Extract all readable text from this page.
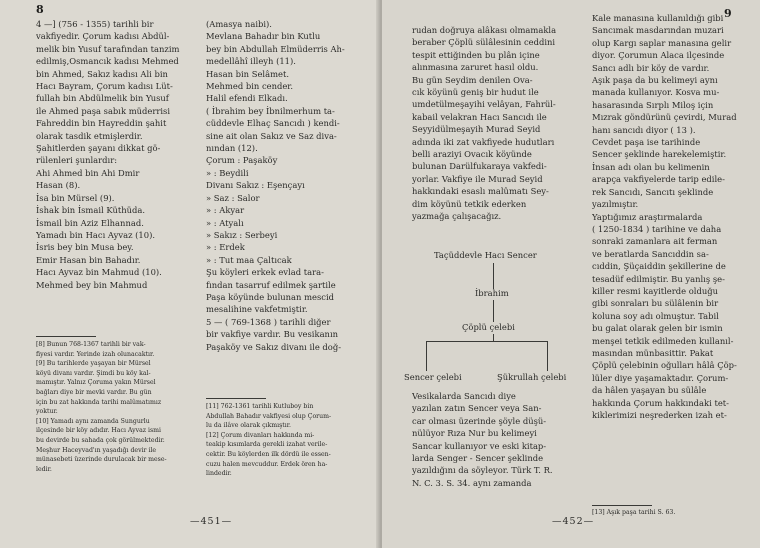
8
4 —] (756 - 1355) tarihli bir
vakfiyedir. Çorum kadısı Abdül-
melik bin Yusuf tarafından tanzim
edilmiş,Osmancık kadısı Mehmed
bin Ahmed, Sakız kadısı Ali bin
Hacı Bayram, Çorum kadısı Lüt-
fullah bin Abdülmelik bin Yusuf
ile Ahmed paşa sabık müderrisi
Fahreddin bin Hayreddin şahit
olarak tasdik etmişlerdir.
Şahitlerden şayanı dikkat gö-
rülenleri şunlardır:
Ahi Ahmed bin Ahi Dmir
Hasan (8).
İsa bin Mürsel (9).
İshak bin İsmail Küthüda.
İsmail bin Aziz Elhannad.
Yamadı bin Hacı Ayvaz (10).
İsris bey bin Musa bey.
Emir Hasan bin Bahadır.
Hacı Ayvaz bin Mahmud (10).
Mehmed bey bin Mahmud
[8] Bunun 768-1367 tarihli bir vak-
fiyesi vardır. Yerinde izah olunacaktır.
[9] Bu tarihlerde yaşayan bir Mürsel
köyü divanı vardır. Şimdi bu köy kal-
mamıştır. Yalnız Çoruma yakın Mürsel
bağları diye bir mevki vardır. Bu gün
için bu zat hakkında tarihi malûmatımız
yoktur.
[10] Yamadı aynı zamanda Sungurlu
ilçesinde bir köy adıdır. Hacı Ayvaz ismi
bu devirde bu sahada çok görülmektedir.
Meşhur Haceyvad'ın yaşadığı devir ile
münasebeti üzerinde durulacak bir mese-
ledir.
(Amasya naibi).
Mevlana Bahadır bin Kutlu
bey bin Abdullah Elmüderris Ah-
medellâhî illeyh (11).
Hasan bin Selâmet.
Mehmed bin cender.
Halil efendi Elkadı.
( İbrahim bey İbnilmerhum ta-
cüddevle Elhaç Sancıdı ) kendi-
sine ait olan Sakız ve Saz diva-
nından (12).
Çorum : Paşaköy
» : Beydili
Divanı Sakız : Eşençayı
» Saz : Salor
» : Akyar
» : Atyalı
» Sakız : Serbeyi
» : Erdek
» : Tut maa Çaltıcak
Şu köyleri erkek evlad tara-
fından tasarruf edilmek şartile
Paşa köyünde bulunan mescid
mesalihine vakfetmiştir.
5 — ( 769-1368 ) tarihli diğer
bir vakfiye vardır. Bu vesikanın
Paşaköy ve Sakız divanı ile doğ-
[11] 762-1361 tarihli Kutluboy bin
Abdullah Bahadır vakfiyesi olup Çorum-
lu da ilâve olarak çıkmıştır.
[12] Çorum divanları hakkında mi-
teakip kısımlarda gerekli izahat verile-
cektir. Bu köylerden ilk dördü ile essen-
cuzu halen mevcuddur. Erdek ören ha-
lindedir.
—451—
9
rudan doğruya alâkası olmamakla
beraber Çöplü sülâlesinin ceddini
tespit ettiğinden bu plân içine
alınmasına zaruret hasıl oldu.
Bu gün Seydim denilen Ova-
cık köyünü geniş bir hudut ile
umdetülmeşayihi velâyan, Fahrül-
kabail velakran Hacı Sancıdı ile
Seyyidülmeşayih Murad Seyid
adında iki zat vakfiyede hudutları
belli araziyi Ovacık köyünde
bulunan Darülfukaraya vakfedi-
yorlar. Vakfiye ile Murad Seyid
hakkındaki esaslı malûmatı Sey-
dim köyünü tetkik ederken
yazmağa çalışacağız.
Taçüddevle Hacı Sencer
İbrahim
Çöplü çelebi
Sencer çelebi	Şükrullah çelebi
Vesikalarda Sancıdı diye
yazılan zatın Sencer veya San-
car olması üzerinde şöyle düşü-
nülüyor Rıza Nur bu kelimeyi
Sancar kullanıyor ve eski kitap-
larda Senger - Sencer şeklinde
yazıldığını da söyleyor. Türk T. R.
N. C. 3. S. 34. aynı zamanda
Kale manasına kullanıldığı gibi
Sancımak masdarından muzari
olup Kargı saplar manasına gelir
diyor. Çorumun Alaca ilçesinde
Sancı adlı bir köy de vardır.
Aşık paşa da bu kelimeyi aynı
manada kullanıyor. Kosva mu-
hasarasında Sırplı Miloş için
Mızrak göndürünü çevirdi, Murad
hanı sancıdı diyor ( 13 ).
Cevdet paşa ise tarihinde
Sencer şeklinde harekelemiştir.
İnsan adı olan bu kelimenin
arapça vakfiyelerde tarip edile-
rek Sancıdı, Sancıtı şeklinde
yazılmıştır.
Yaptığımız araştırmalarda
( 1250-1834 ) tarihine ve daha
sonraki zamanlara ait ferman
ve beratlarda Sancıddin sa-
cıddin, Şüçaiddin şekillerine de
tesadüf edilmiştir. Bu yanlış şe-
killer resmi kayitlerde olduğu
gibi sonraları bu sülâlenin bir
koluna soy adı olmuştur. Tabil
bu galat olarak gelen bir ismin
menşei tetkik edilmeden kullanıl-
masından münbasittir. Pakat
Çöplü çelebinin oğulları hâlâ Çöp-
lüler diye yaşamaktadır. Çorum-
da hâlen yaşayan bu sülâle
hakkında Çorum hakkındaki tet-
kiklerimizi neşrederken izah et-
[13] Aşık paşa tarihi S. 63.
—452—
